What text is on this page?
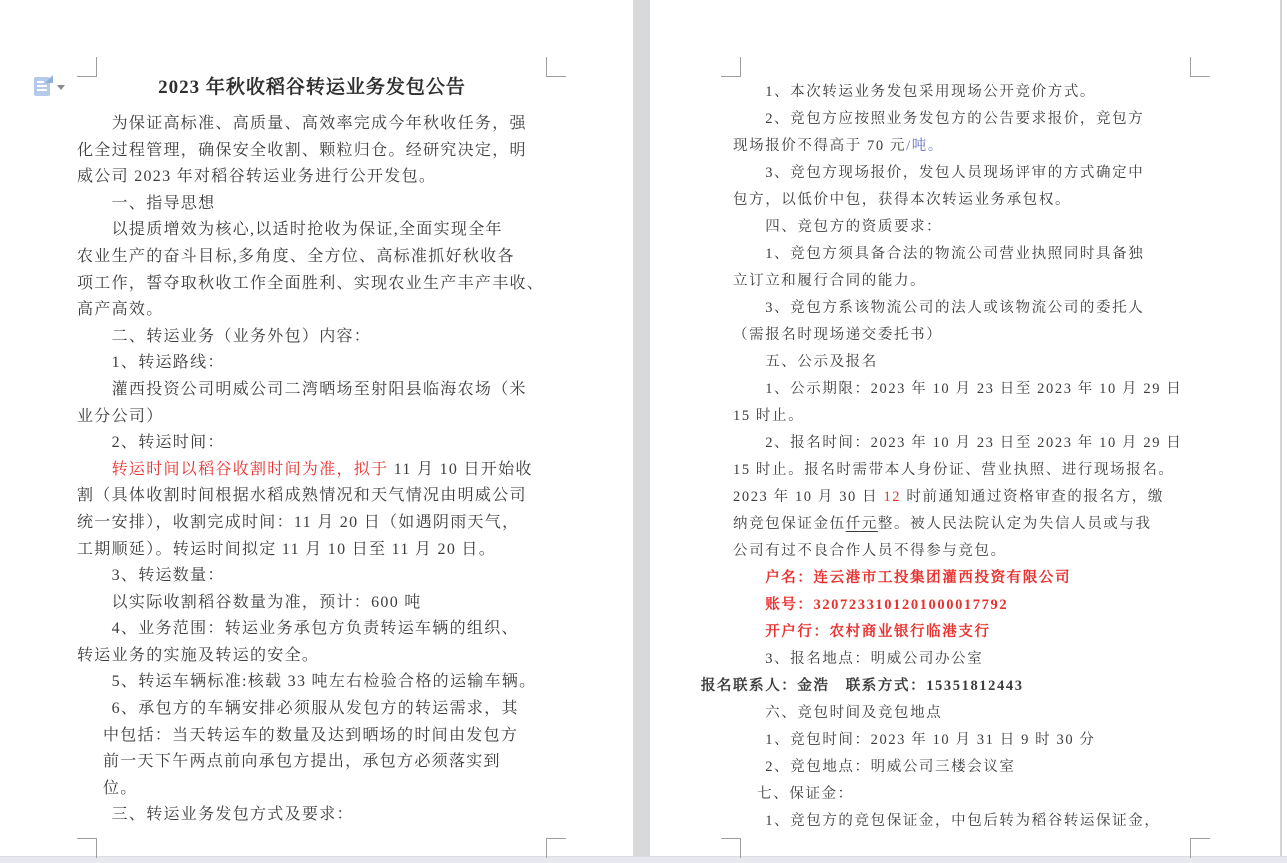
2023 年秋收稻谷转运业务发包公告
为保证高标准、高质量、高效率完成今年秋收任务，强
化全过程管理，确保安全收割、颗粒归仓。经研究决定，明
威公司 2023 年对稻谷转运业务进行公开发包。
一、指导思想
以提质增效为核心,以适时抢收为保证,全面实现全年
农业生产的奋斗目标,多角度、全方位、高标准抓好秋收各
项工作，誓夺取秋收工作全面胜利、实现农业生产丰产丰收、
高产高效。
二、转运业务（业务外包）内容：
1、转运路线：
灌西投资公司明威公司二湾晒场至射阳县临海农场（米
业分公司）
2、转运时间：
转运时间以稻谷收割时间为准，拟于 11 月 10 日开始收
割（具体收割时间根据水稻成熟情况和天气情况由明威公司
统一安排），收割完成时间：11 月 20 日（如遇阴雨天气，
工期顺延）。转运时间拟定 11 月 10 日至 11 月 20 日。
3、转运数量：
以实际收割稻谷数量为准，预计：600 吨
4、业务范围：转运业务承包方负责转运车辆的组织、
转运业务的实施及转运的安全。
5、转运车辆标准:核载 33 吨左右检验合格的运输车辆。
6、承包方的车辆安排必须服从发包方的转运需求，其
中包括：当天转运车的数量及达到晒场的时间由发包方
前一天下午两点前向承包方提出，承包方必须落实到
位。
三、转运业务发包方式及要求：
1、本次转运业务发包采用现场公开竞价方式。
2、竞包方应按照业务发包方的公告要求报价，竞包方
现场报价不得高于 70 元/吨。
3、竞包方现场报价，发包人员现场评审的方式确定中
包方，以低价中包，获得本次转运业务承包权。
四、竞包方的资质要求：
1、竞包方须具备合法的物流公司营业执照同时具备独
立订立和履行合同的能力。
3、竞包方系该物流公司的法人或该物流公司的委托人
（需报名时现场递交委托书）
五、公示及报名
1、公示期限：2023 年 10 月 23 日至 2023 年 10 月 29 日
15 时止。
2、报名时间：2023 年 10 月 23 日至 2023 年 10 月 29 日
15 时止。报名时需带本人身份证、营业执照、进行现场报名。
2023 年 10 月 30 日 12 时前通知通过资格审查的报名方，缴
纳竞包保证金伍仟元整。被人民法院认定为失信人员或与我
公司有过不良合作人员不得参与竞包。
户名：连云港市工投集团灌西投资有限公司
账号：3207233101201000017792
开户行：农村商业银行临港支行
3、报名地点：明威公司办公室
报名联系人：金浩　联系方式：15351812443
六、竞包时间及竞包地点
1、竞包时间：2023 年 10 月 31 日 9 时 30 分
2、竞包地点：明威公司三楼会议室
七、保证金：
1、竞包方的竞包保证金，中包后转为稻谷转运保证金，
